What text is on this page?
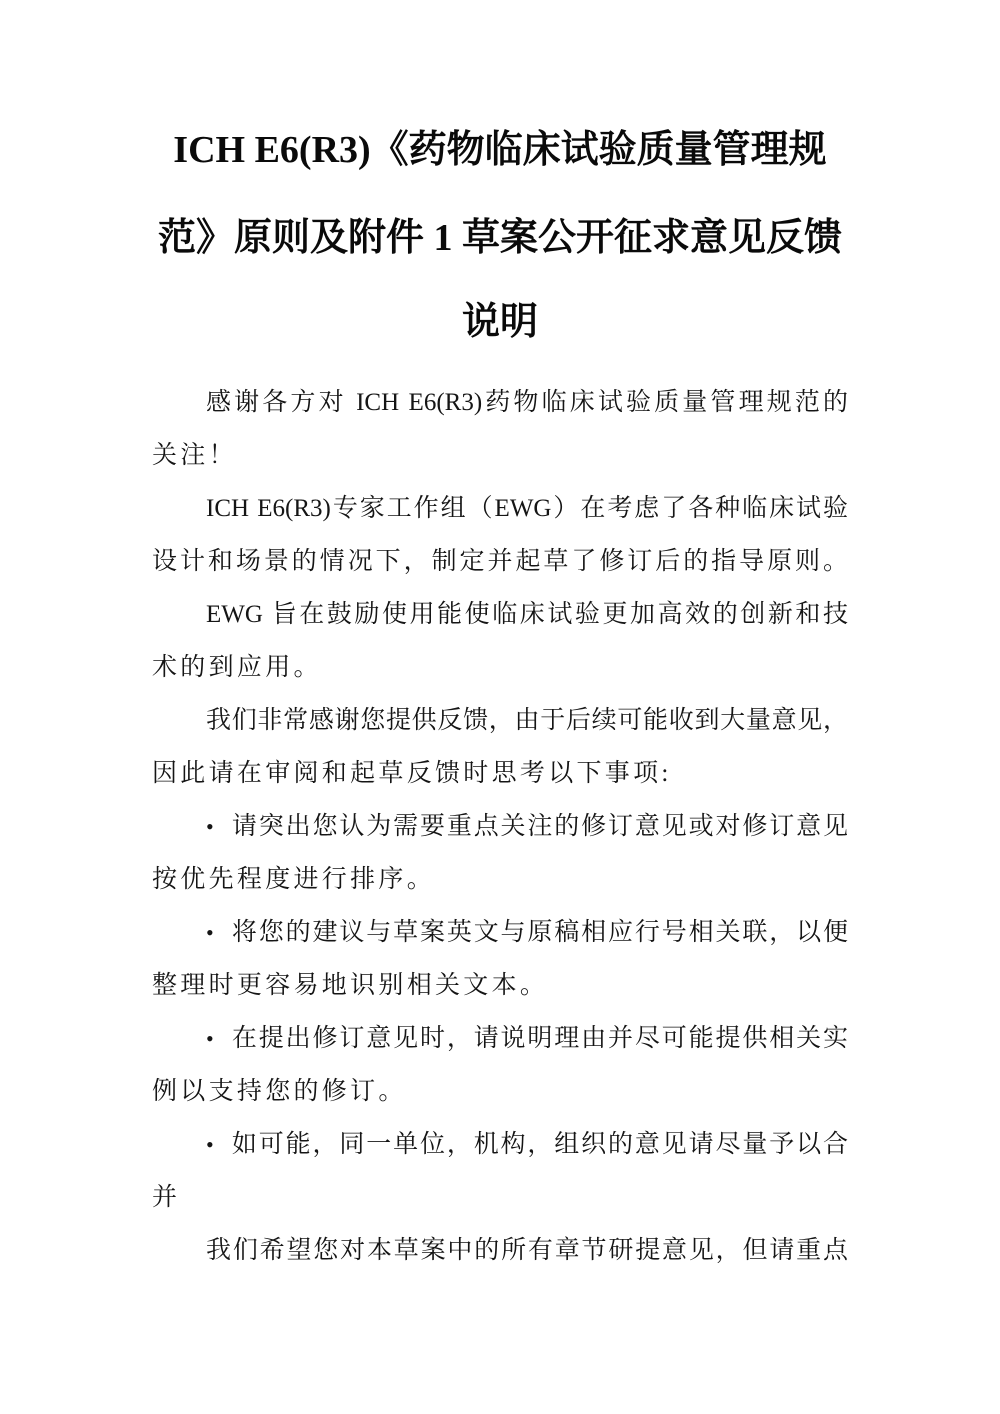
ICH E6(R3)《药物临床试验质量管理规
范》原则及附件 1 草案公开征求意见反馈
说明
感谢各方对 ICH E6(R3)药物临床试验质量管理规范的
关注！
ICH E6(R3)专家工作组（EWG）在考虑了各种临床试验
设计和场景的情况下，制定并起草了修订后的指导原则。
EWG 旨在鼓励使用能使临床试验更加高效的创新和技
术的到应用。
我们非常感谢您提供反馈，由于后续可能收到大量意见，
因此请在审阅和起草反馈时思考以下事项:
• 请突出您认为需要重点关注的修订意见或对修订意见
按优先程度进行排序。
• 将您的建议与草案英文与原稿相应行号相关联，以便
整理时更容易地识别相关文本。
• 在提出修订意见时，请说明理由并尽可能提供相关实
例以支持您的修订。
• 如可能，同一单位，机构，组织的意见请尽量予以合
并
我们希望您对本草案中的所有章节研提意见，但请重点
